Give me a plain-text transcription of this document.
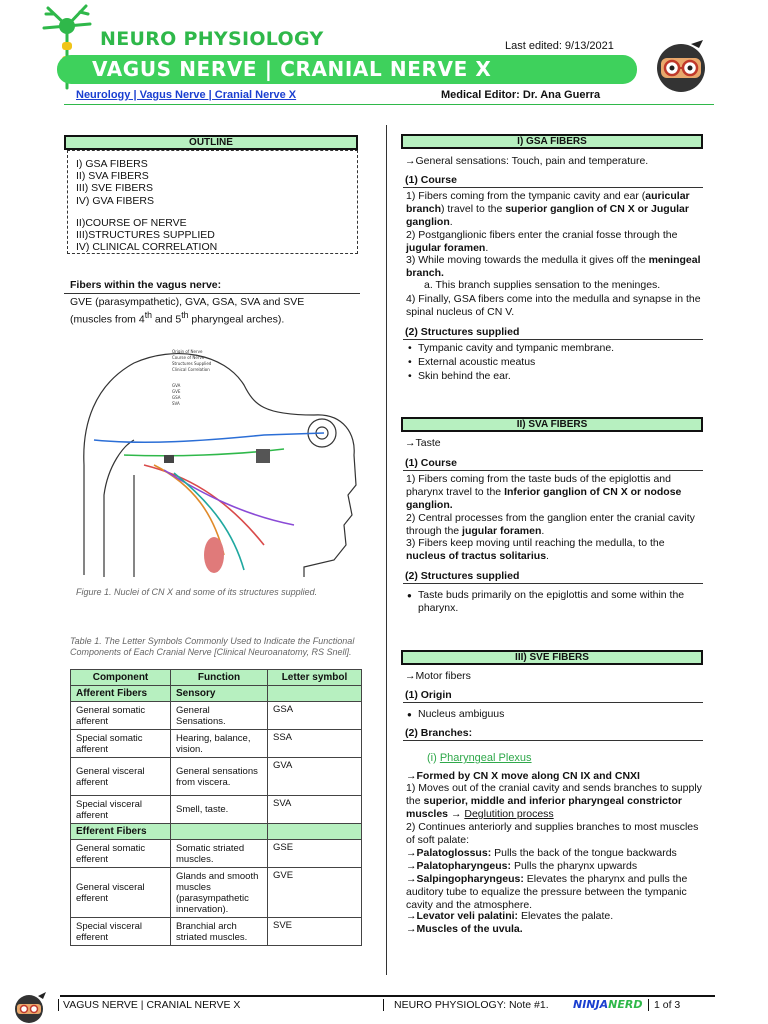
NEURO PHYSIOLOGY	Last edited: 9/13/2021
VAGUS NERVE | CRANIAL NERVE X
Neurology | Vagus Nerve | Cranial Nerve X	Medical Editor: Dr. Ana Guerra
OUTLINE
I) GSA FIBERS
II) SVA FIBERS
III) SVE FIBERS
IV) GVA FIBERS
II)COURSE OF NERVE
III)STRUCTURES SUPPLIED
IV) CLINICAL CORRELATION
Fibers within the vagus nerve:
GVE (parasympathetic), GVA, GSA, SVA and SVE
(muscles from 4th and 5th pharyngeal arches).
Origin of Nerve
Course of Nerve
Structures Supplied
Clinical Correlation
GVA
GVE
GSA
SVA
Figure 1. Nuclei of CN X and some of its structures supplied.
Table 1. The Letter Symbols Commonly Used to Indicate the Functional Components of Each Cranial Nerve [Clinical Neuroanatomy, RS Snell].
Component	Function	Letter symbol
Afferent Fibers	Sensory	
General somatic afferent	General Sensations.	GSA
Special somatic afferent	Hearing, balance, vision.	SSA
General visceral afferent	General sensations from viscera.	GVA
Special visceral afferent	Smell, taste.	SVA
Efferent Fibers		
General somatic efferent	Somatic striated muscles.	GSE
General visceral efferent	Glands and smooth muscles (parasympathetic innervation).	GVE
Special visceral efferent	Branchial arch striated muscles.	SVE
I) GSA FIBERS
→General sensations: Touch, pain and temperature.
(1) Course
1) Fibers coming from the tympanic cavity and ear (auricular branch) travel to the superior ganglion of CN X or Jugular ganglion.
2) Postganglionic fibers enter the cranial fosse through the jugular foramen.
3) While moving towards the medulla it gives off the meningeal branch.
a. This branch supplies sensation to the meninges.
4) Finally, GSA fibers come into the medulla and synapse in the spinal nucleus of CN V.
(2) Structures supplied
• Tympanic cavity and tympanic membrane.
• External acoustic meatus
• Skin behind the ear.
II) SVA FIBERS
→Taste
(1) Course
1) Fibers coming from the taste buds of the epiglottis and pharynx travel to the Inferior ganglion of CN X or nodose ganglion.
2) Central processes from the ganglion enter the cranial cavity through the jugular foramen.
3) Fibers keep moving until reaching the medulla, to the nucleus of tractus solitarius.
(2) Structures supplied
● Taste buds primarily on the epiglottis and some within the pharynx.
III) SVE FIBERS
→Motor fibers
(1) Origin
● Nucleus ambiguus
(2) Branches:
(i) Pharyngeal Plexus
→Formed by CN X move along CN IX and CNXI
1) Moves out of the cranial cavity and sends branches to supply the superior, middle and inferior pharyngeal constrictor muscles → Deglutition process
2) Continues anteriorly and supplies branches to most muscles of soft palate:
→Palatoglossus: Pulls the back of the tongue backwards
→Palatopharyngeus: Pulls the pharynx upwards
→Salpingopharyngeus: Elevates the pharynx and pulls the auditory tube to equalize the pressure between the tympanic cavity and the atmosphere.
→Levator veli palatini: Elevates the palate.
→Muscles of the uvula.
VAGUS NERVE | CRANIAL NERVE X	NEURO PHYSIOLOGY: Note #1. NINJANERD	1 of 3
